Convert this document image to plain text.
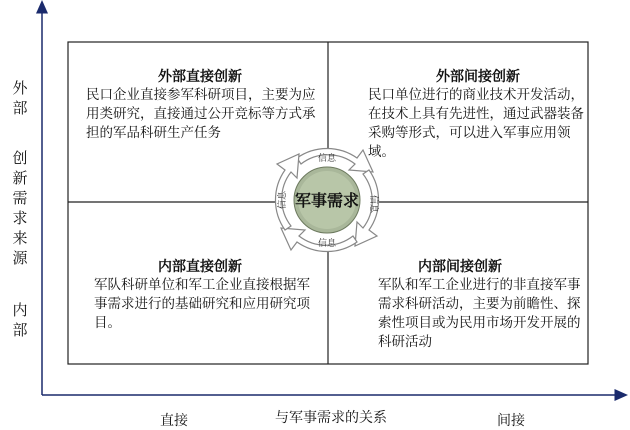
信息
信息
信息
信息 军事需求
外部
创新需求来源
内部
直接	与军事需求的关系	间接
外部直接创新
民口企业直接参军科研项目，主要为应用类研究，直接通过公开竞标等方式承担的军品科研生产任务
外部间接创新
民口单位进行的商业技术开发活动，在技术上具有先进性，通过武器装备采购等形式，可以进入军事应用领域。
内部直接创新
军队科研单位和军工企业直接根据军事需求进行的基础研究和应用研究项目。
内部间接创新
军队和军工企业进行的非直接军事需求科研活动，主要为前瞻性、探索性项目或为民用市场开发开展的科研活动
